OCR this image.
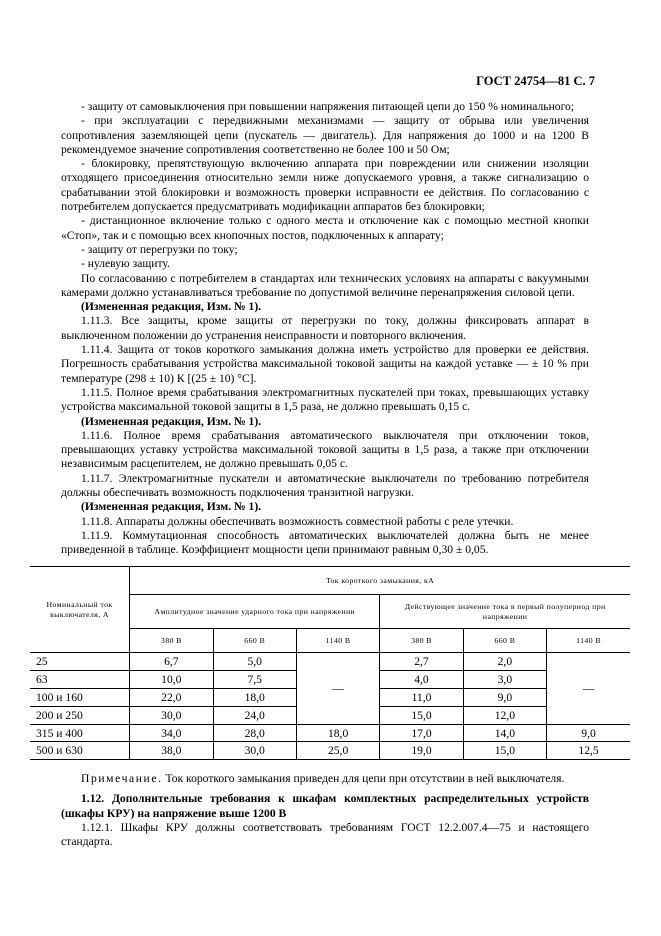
ГОСТ 24754—81 С. 7

- защиту от самовыключения при повышении напряжения питающей цепи до 150 % номинального;

- при эксплуатации с передвижными механизмами — защиту от обрыва или увеличения сопротивления заземляющей цепи (пускатель — двигатель). Для напряжения до 1000 и на 1200 В рекомендуемое значение сопротивления соответственно не более 100 и 50 Ом;

- блокировку, препятствующую включению аппарата при повреждении или снижении изоляции отходящего присоединения относительно земли ниже допускаемого уровня, а также сигнализацию о срабатывании этой блокировки и возможность проверки исправности ее действия. По согласованию с потребителем допускается предусматривать модификации аппаратов без блокировки;

- дистанционное включение только с одного места и отключение как с помощью местной кнопки «Стоп», так и с помощью всех кнопочных постов, подключенных к аппарату;

- защиту от перегрузки по току;

- нулевую защиту.

По согласованию с потребителем в стандартах или технических условиях на аппараты с вакуумными камерами должно устанавливаться требование по допустимой величине перенапряжения силовой цепи.

(Измененная редакция, Изм. № 1).

1.11.3. Все защиты, кроме защиты от перегрузки по току, должны фиксировать аппарат в выключенном положении до устранения неисправности и повторного включения.

1.11.4. Защита от токов короткого замыкания должна иметь устройство для проверки ее действия. Погрешность срабатывания устройства максимальной токовой защиты на каждой уставке — ± 10 % при температуре (298 ± 10) К [(25 ± 10) °С].

1.11.5. Полное время срабатывания электромагнитных пускателей при токах, превышающих уставку устройства максимальной токовой защиты в 1,5 раза, не должно превышать 0,15 с.

(Измененная редакция, Изм. № 1).

1.11.6. Полное время срабатывания автоматического выключателя при отключении токов, превышающих уставку устройства максимальной токовой защиты в 1,5 раза, а также при отключении независимым расцепителем, не должно превышать 0,05 с.

1.11.7. Электромагнитные пускатели и автоматические выключатели по требованию потребителя должны обеспечивать возможность подключения транзитной нагрузки.

(Измененная редакция, Изм. № 1).

1.11.8. Аппараты должны обеспечивать возможность совместной работы с реле утечки.

1.11.9. Коммутационная способность автоматических выключателей должна быть не менее приведенной в таблице. Коэффициент мощности цепи принимают равным 0,30 ± 0,05.

Номинальный ток выключателя, А	Ток короткого замыкания, кА					
	Амплитудное значение ударного тока при напряжении			Действующее значение тока в первый полупериод при напряжении		
	380 В	660 В	1140 В	380 В	660 В	1140 В
25	6,7	5,0	—	2,7	2,0	—
63	10,0	7,5		4,0	3,0	
100 и 160	22,0	18,0		11,0	9,0	
200 и 250	30,0	24,0		15,0	12,0	
315 и 400	34,0	28,0	18,0	17,0	14,0	9,0
500 и 630	38,0	30,0	25,0	19,0	15,0	12,5

Примечание. Ток короткого замыкания приведен для цепи при отсутствии в ней выключателя.

1.12. Дополнительные требования к шкафам комплектных распределительных устройств (шкафы КРУ) на напряжение выше 1200 В

1.12.1. Шкафы КРУ должны соответствовать требованиям ГОСТ 12.2.007.4—75 и настоящего стандарта.
